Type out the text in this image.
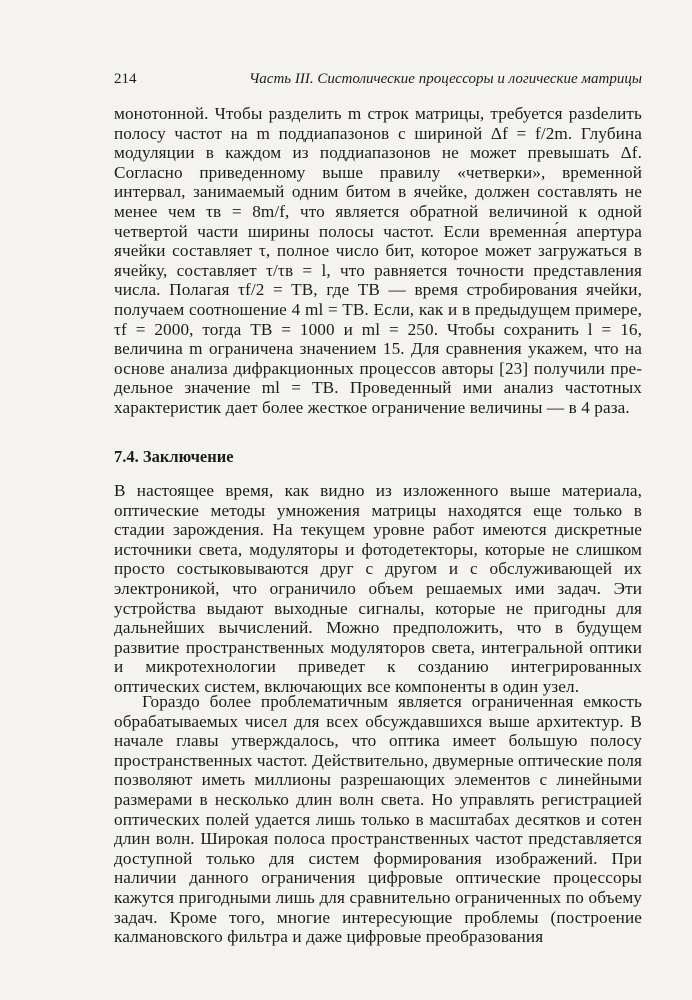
214	Часть III. Систолические процессоры и логические матрицы

монотонной. Чтобы разделить m строк матрицы, требуется разdелить полосу частот на m поддиапазонов с шириной Δf = f/2m. Глубина модуляции в каждом из поддиапазонов не может превышать Δf. Согласно приведенному выше правилу «четверки», временной интервал, занимаемый одним битом в ячейке, должен составлять не менее чем τв = 8m/f, что является обратной величиной к одной четвертой части ширины полосы частот. Если временна́я апертура ячейки составляет τ, полное число бит, которое может загружаться в ячейку, составляет τ/τв = l, что равняется точности представления числа. Полагая τf/2 = TB, где TB — время стробирования ячейки, получаем соотношение 4 ml = TB. Если, как и в предыдущем примере, τf = 2000, тогда TB = 1000 и ml = 250. Чтобы сохранить l = 16, величина m ограничена значением 15. Для сравнения укажем, что на основе анализа дифракционных процессов авторы [23] получили предельное значение ml = TB. Проведенный ими анализ частотных характеристик дает более жесткое ограничение величины — в 4 раза.

7.4. Заключение

В настоящее время, как видно из изложенного выше материала, оптические методы умножения матрицы находятся еще только в стадии зарождения. На текущем уровне работ имеются дискретные источники света, модуляторы и фотодетекторы, которые не слишком просто состыковываются друг с другом и с обслуживающей их электроникой, что ограничило объем решаемых ими задач. Эти устройства выдают выходные сигналы, которые не пригодны для дальнейших вычислений. Можно предположить, что в будущем развитие пространственных модуляторов света, интегральной оптики и микротехнологии приведет к созданию интегрированных оптических систем, включающих все компоненты в один узел.

Гораздо более проблематичным является ограниченная емкость обрабатываемых чисел для всех обсуждавшихся выше архитектур. В начале главы утверждалось, что оптика имеет большую полосу пространственных частот. Действительно, двумерные оптические поля позволяют иметь миллионы разрешающих элементов с линейными размерами в несколько длин волн света. Но управлять регистрацией оптических полей удается лишь только в масштабах десятков и сотен длин волн. Широкая полоса пространственных частот представляется доступной только для систем формирования изображений. При наличии данного ограничения цифровые оптические процессоры кажутся пригодными лишь для сравнительно ограниченных по объему задач. Кроме того, многие интересующие проблемы (построение калмановского фильтра и даже цифровые преобразования
